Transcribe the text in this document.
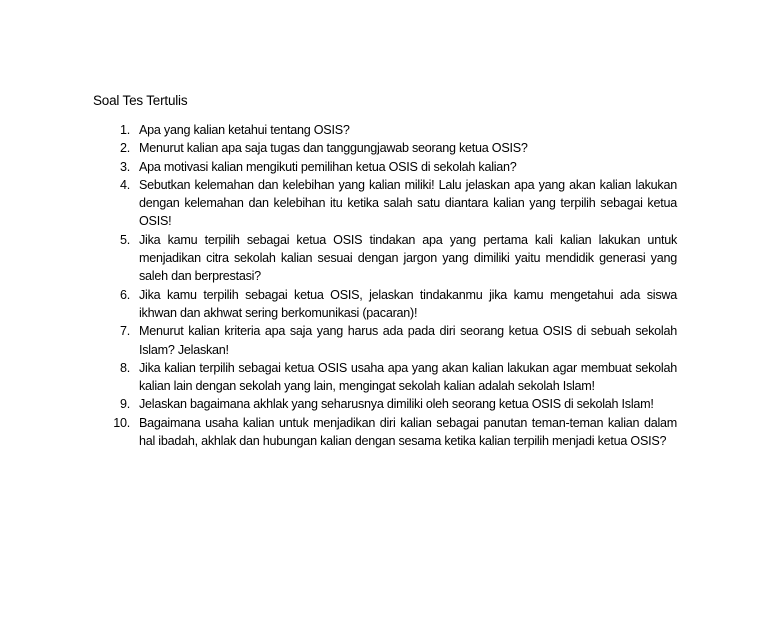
Soal Tes Tertulis
1. Apa yang kalian ketahui tentang OSIS?
2. Menurut kalian apa saja tugas dan tanggungjawab seorang ketua OSIS?
3. Apa motivasi kalian mengikuti pemilihan ketua OSIS di sekolah kalian?
4. Sebutkan kelemahan dan kelebihan yang kalian miliki! Lalu jelaskan apa yang akan kalian lakukan dengan kelemahan dan kelebihan itu ketika salah satu diantara kalian yang terpilih sebagai ketua OSIS!
5. Jika kamu terpilih sebagai ketua OSIS tindakan apa yang pertama kali kalian lakukan untuk menjadikan citra sekolah kalian sesuai dengan jargon yang dimiliki yaitu mendidik generasi yang saleh dan berprestasi?
6. Jika kamu terpilih sebagai ketua OSIS, jelaskan tindakanmu jika kamu mengetahui ada siswa ikhwan dan akhwat sering berkomunikasi (pacaran)!
7. Menurut kalian kriteria apa saja yang harus ada pada diri seorang ketua OSIS di sebuah sekolah Islam? Jelaskan!
8. Jika kalian terpilih sebagai ketua OSIS usaha apa yang akan kalian lakukan agar membuat sekolah kalian lain dengan sekolah yang lain, mengingat sekolah kalian adalah sekolah Islam!
9. Jelaskan bagaimana akhlak yang seharusnya dimiliki oleh seorang ketua OSIS di sekolah Islam!
10. Bagaimana usaha kalian untuk menjadikan diri kalian sebagai panutan teman-teman kalian dalam hal ibadah, akhlak dan hubungan kalian dengan sesama ketika kalian terpilih menjadi ketua OSIS?
